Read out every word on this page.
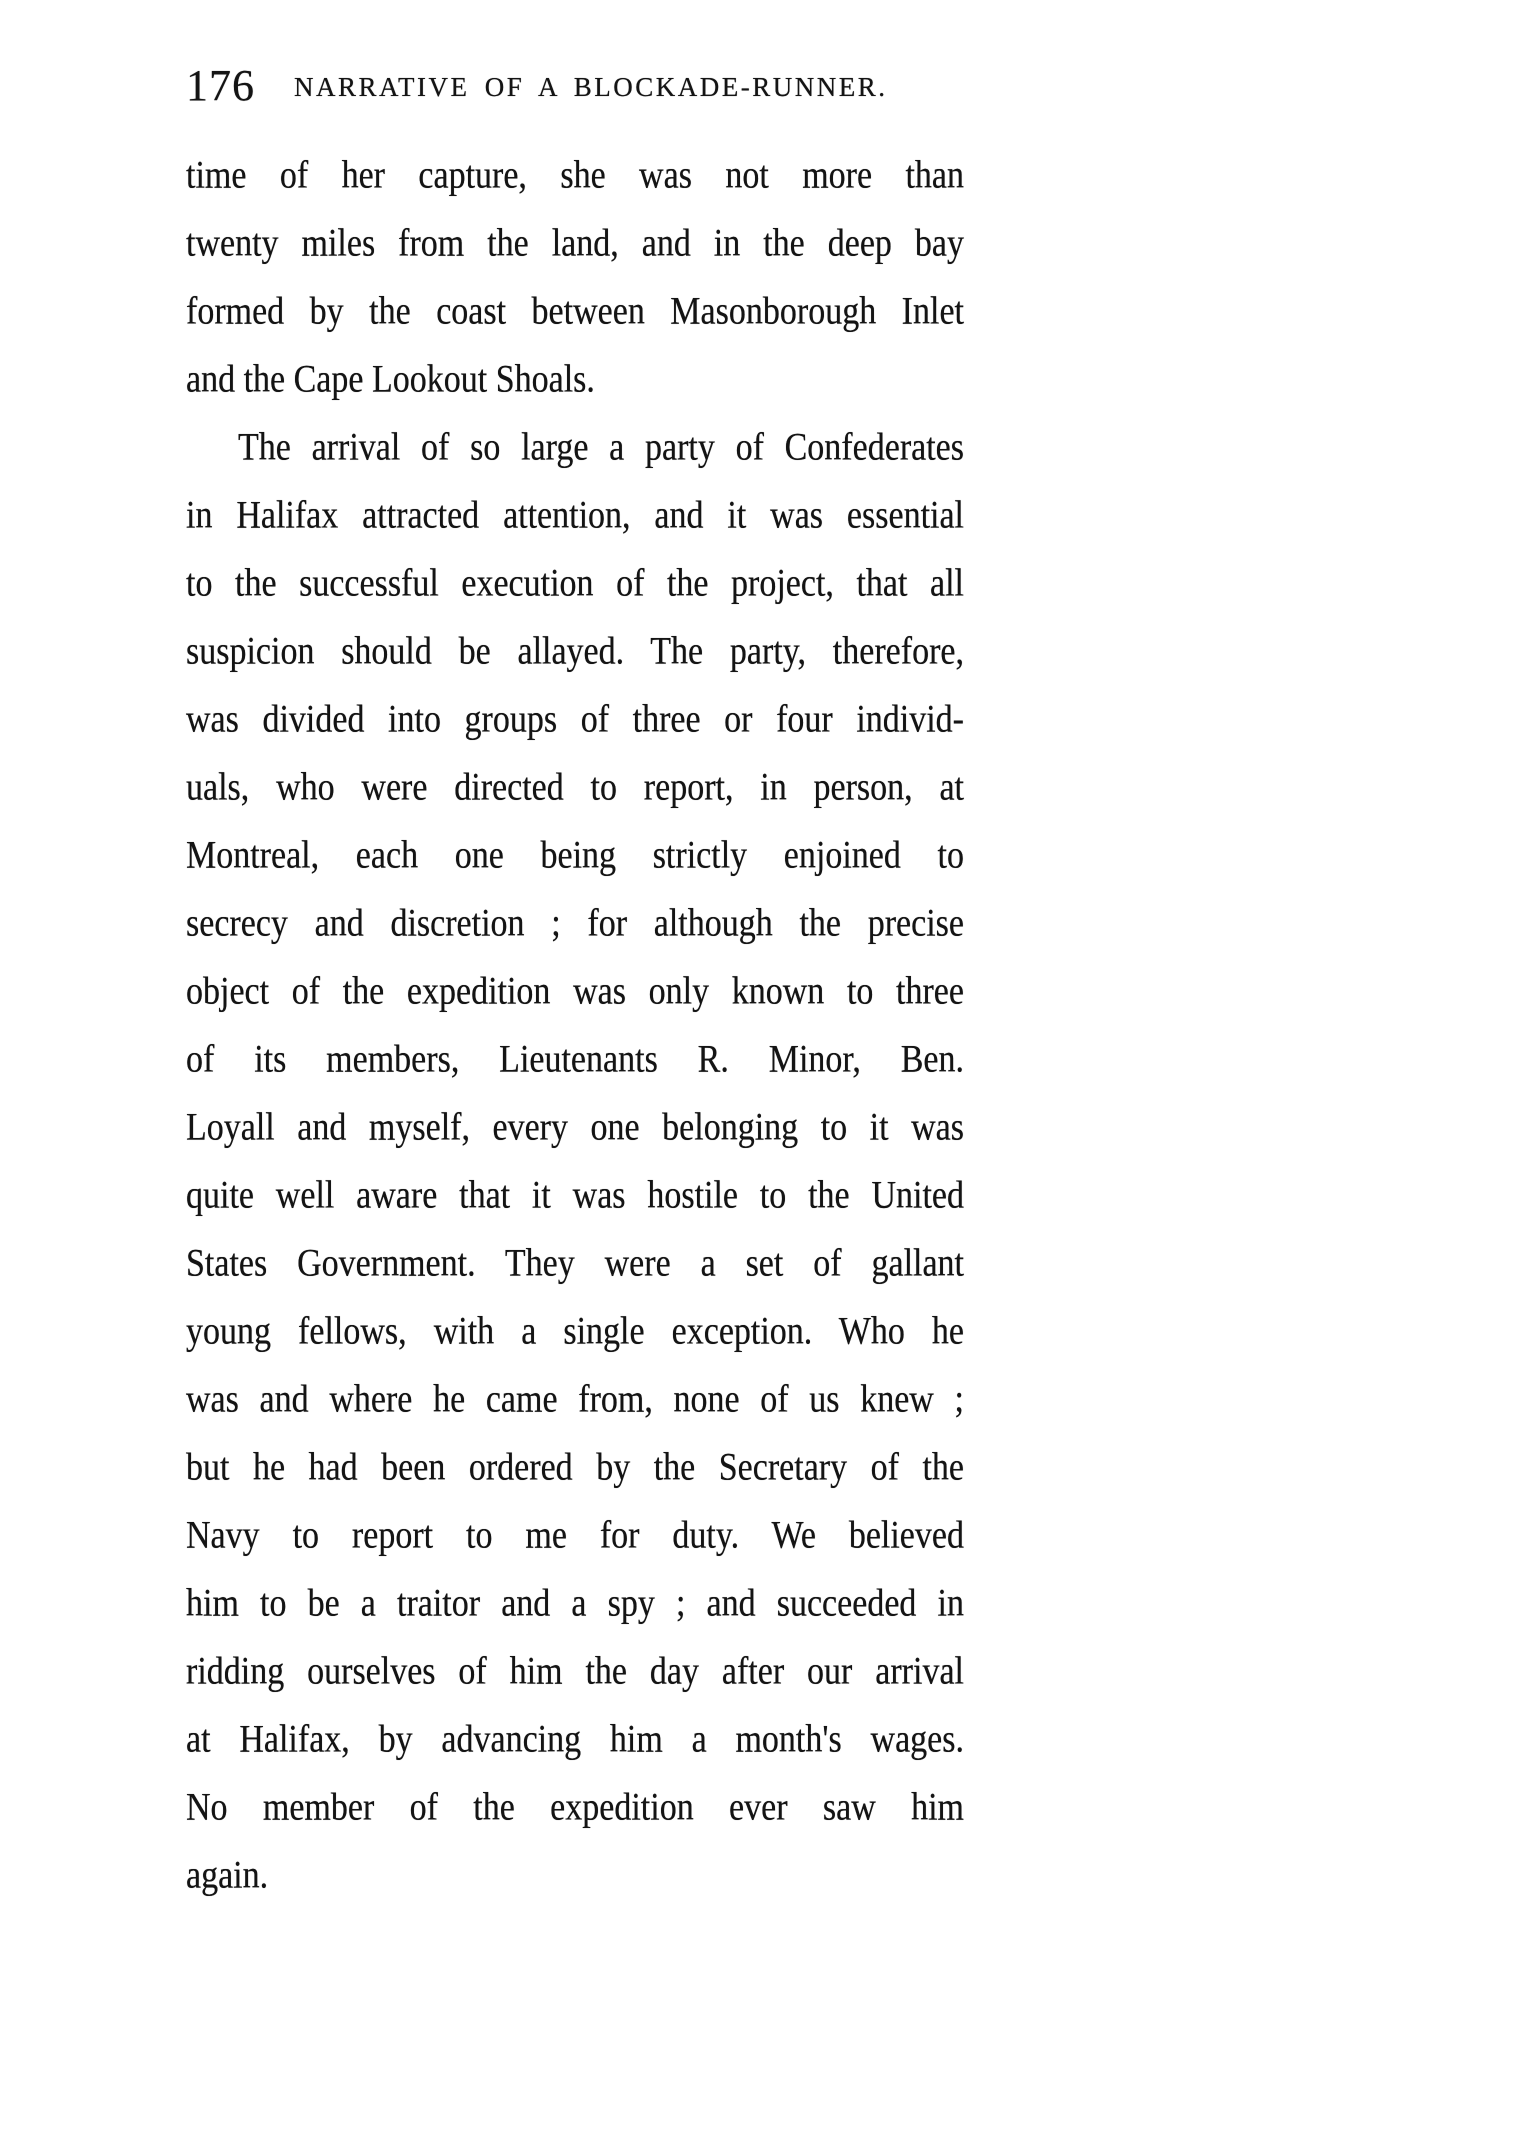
176 NARRATIVE OF A BLOCKADE-RUNNER.
time of her capture, she was not more than
twenty miles from the land, and in the deep bay
formed by the coast between Masonborough Inlet
and the Cape Lookout Shoals.
The arrival of so large a party of Confederates
in Halifax attracted attention, and it was essential
to the successful execution of the project, that all
suspicion should be allayed. The party, therefore,
was divided into groups of three or four individ-
uals, who were directed to report, in person, at
Montreal, each one being strictly enjoined to
secrecy and discretion ; for although the precise
object of the expedition was only known to three
of its members, Lieutenants R. Minor, Ben.
Loyall and myself, every one belonging to it was
quite well aware that it was hostile to the United
States Government. They were a set of gallant
young fellows, with a single exception. Who he
was and where he came from, none of us knew ;
but he had been ordered by the Secretary of the
Navy to report to me for duty. We believed
him to be a traitor and a spy ; and succeeded in
ridding ourselves of him the day after our arrival
at Halifax, by advancing him a month's wages.
No member of the expedition ever saw him
again.
